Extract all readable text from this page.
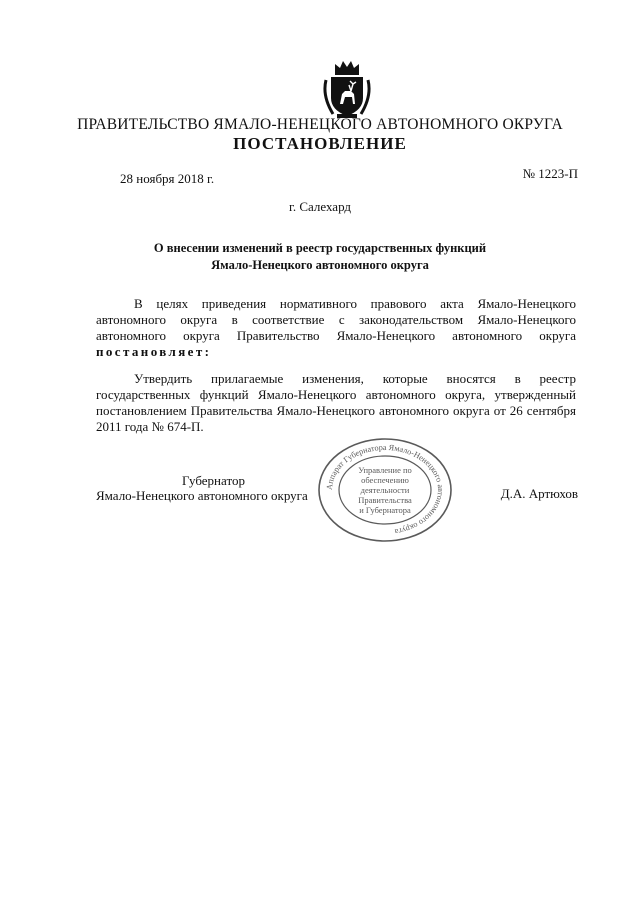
ПРАВИТЕЛЬСТВО ЯМАЛО-НЕНЕЦКОГО АВТОНОМНОГО ОКРУГА
ПОСТАНОВЛЕНИЕ
28 ноября 2018 г.	№ 1223-П
г. Салехард
О внесении изменений в реестр государственных функций
Ямало-Ненецкого автономного округа
В целях приведения нормативного правового акта Ямало-Ненецкого автономного округа в соответствие с законодательством Ямало-Ненецкого автономного округа Правительство Ямало-Ненецкого автономного округа постановляет:
Утвердить прилагаемые изменения, которые вносятся в реестр государственных функций Ямало-Ненецкого автономного округа, утвержденный постановлением Правительства Ямало-Ненецкого автономного округа от 26 сентября 2011 года № 674-П.
Губернатор
Ямало-Ненецкого автономного округа	Д.А. Артюхов
Аппарат Губернатора Ямало-Ненецкого автономного округа
Управление по
обеспечению
деятельности
Правительства
и Губернатора
